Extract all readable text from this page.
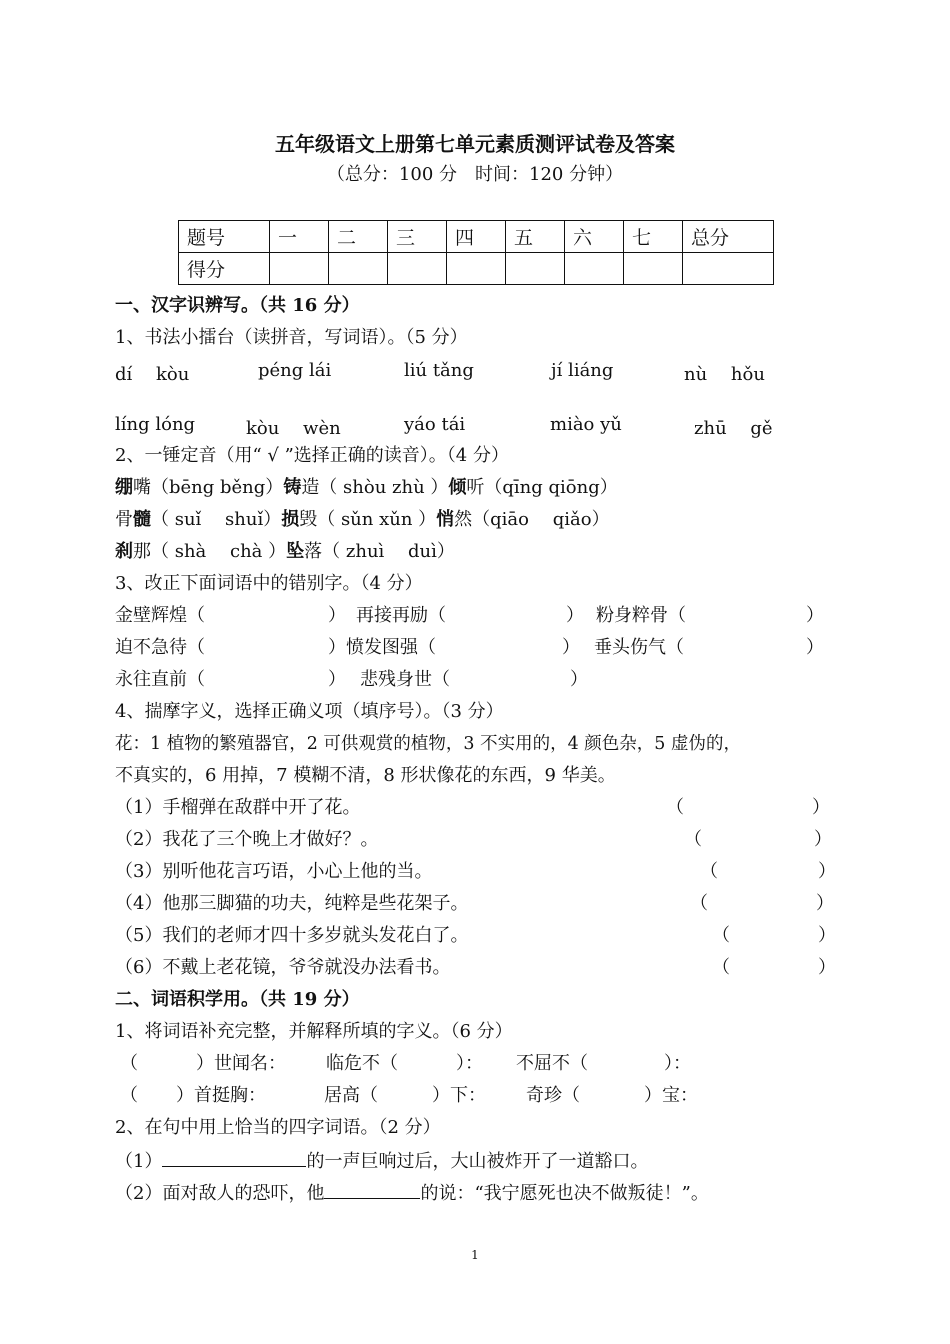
五年级语文上册第七单元素质测评试卷及答案
（总分：100 分　时间：120 分钟）
题号	一	二	三	四	五	六	七	总分
得分								
一、汉字识辨写。（共 16 分）
1、书法小擂台（读拼音，写词语）。（5 分）
dí　 kòu	péng lái	liú tǎng	jí liáng	nù　 hǒu
líng lóng	kòu　 wèn	yáo tái	miào yǔ	zhū　 gě
2、一锤定音（用“ √ ”选择正确的读音）。（4 分）
绷嘴（bēng běng）铸造（ shòu zhù ）倾听（qīng qiōng）
骨髓（ suǐ　 shuǐ）损毁（ sǔn xǔn ）悄然（qiāo　 qiǎo）
刹那（ shà　 chà ）坠落（ zhuì　 duì）
3、改正下面词语中的错别字。（4 分）
金壁辉煌（	） 再接再励（	） 粉身粹骨（	）
迫不急待（	） 愤发图强（	） 垂头伤气（	）
永往直前（	） 悲残身世（	）
4、揣摩字义，选择正确义项（填序号）。（3 分）
花：1 植物的繁殖器官，2 可供观赏的植物，3 不实用的，4 颜色杂，5 虚伪的，
不真实的，6 用掉，7 模糊不清，8 形状像花的东西，9 华美。
（1）手榴弹在敌群中开了花。	（	）
（2）我花了三个晚上才做好？。	（	）
（3）别听他花言巧语，小心上他的当。	（	）
（4）他那三脚猫的功夫，纯粹是些花架子。	（	）
（5）我们的老师才四十多岁就头发花白了。	（	）
（6）不戴上老花镜，爷爷就没办法看书。	（	）
二、词语积学用。（共 19 分）
1、将词语补充完整，并解释所填的字义。（6 分）
（	）世闻名： 临危不（	）： 不屈不（	）：
（ ）首挺胸：	居高（	）下： 奇珍（	）宝：
2、在句中用上恰当的四字词语。（2 分）
（1）	的一声巨响过后，大山被炸开了一道豁口。
（2）面对敌人的恐吓，他	的说：“我宁愿死也决不做叛徒！”。
1
